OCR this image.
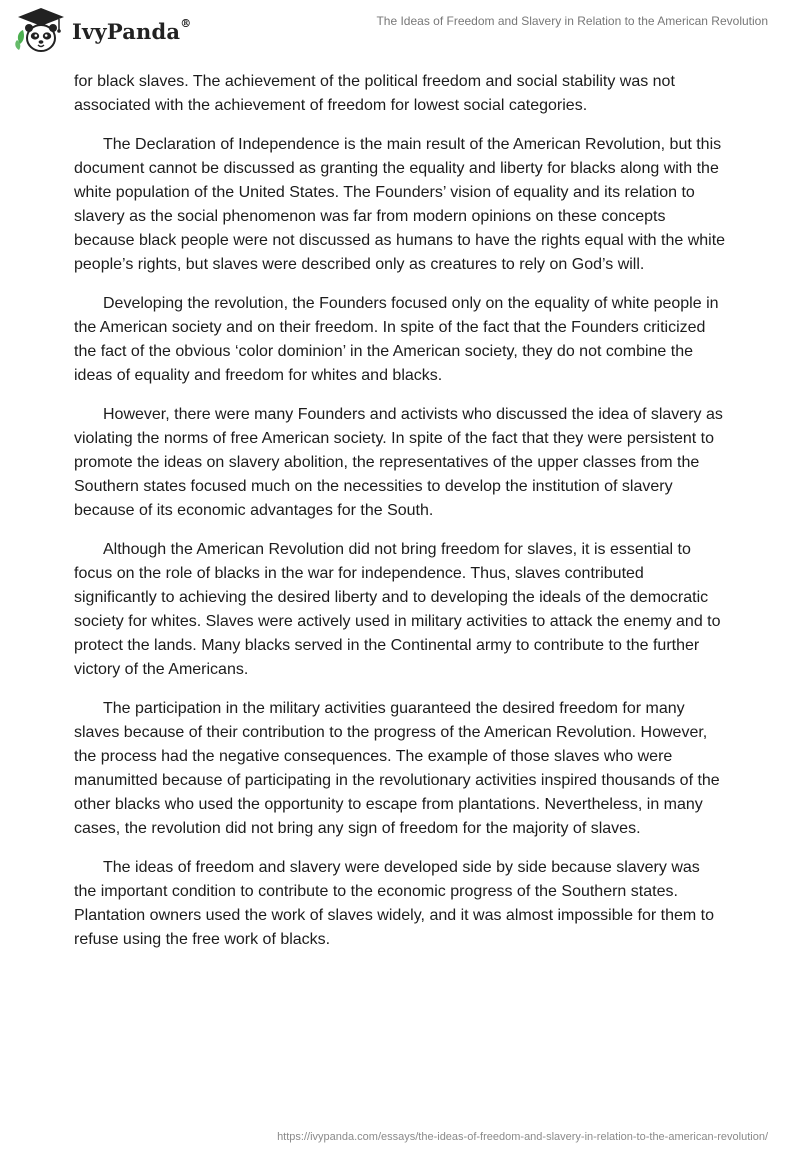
IvyPanda®	The Ideas of Freedom and Slavery in Relation to the American Revolution

for black slaves. The achievement of the political freedom and social stability was not associated with the achievement of freedom for lowest social categories.

The Declaration of Independence is the main result of the American Revolution, but this document cannot be discussed as granting the equality and liberty for blacks along with the white population of the United States. The Founders’ vision of equality and its relation to slavery as the social phenomenon was far from modern opinions on these concepts because black people were not discussed as humans to have the rights equal with the white people’s rights, but slaves were described only as creatures to rely on God’s will.

Developing the revolution, the Founders focused only on the equality of white people in the American society and on their freedom. In spite of the fact that the Founders criticized the fact of the obvious ‘color dominion’ in the American society, they do not combine the ideas of equality and freedom for whites and blacks.

However, there were many Founders and activists who discussed the idea of slavery as violating the norms of free American society. In spite of the fact that they were persistent to promote the ideas on slavery abolition, the representatives of the upper classes from the Southern states focused much on the necessities to develop the institution of slavery because of its economic advantages for the South.

Although the American Revolution did not bring freedom for slaves, it is essential to focus on the role of blacks in the war for independence. Thus, slaves contributed significantly to achieving the desired liberty and to developing the ideals of the democratic society for whites. Slaves were actively used in military activities to attack the enemy and to protect the lands. Many blacks served in the Continental army to contribute to the further victory of the Americans.

The participation in the military activities guaranteed the desired freedom for many slaves because of their contribution to the progress of the American Revolution. However, the process had the negative consequences. The example of those slaves who were manumitted because of participating in the revolutionary activities inspired thousands of the other blacks who used the opportunity to escape from plantations. Nevertheless, in many cases, the revolution did not bring any sign of freedom for the majority of slaves.

The ideas of freedom and slavery were developed side by side because slavery was the important condition to contribute to the economic progress of the Southern states. Plantation owners used the work of slaves widely, and it was almost impossible for them to refuse using the free work of blacks.

https://ivypanda.com/essays/the-ideas-of-freedom-and-slavery-in-relation-to-the-american-revolution/
